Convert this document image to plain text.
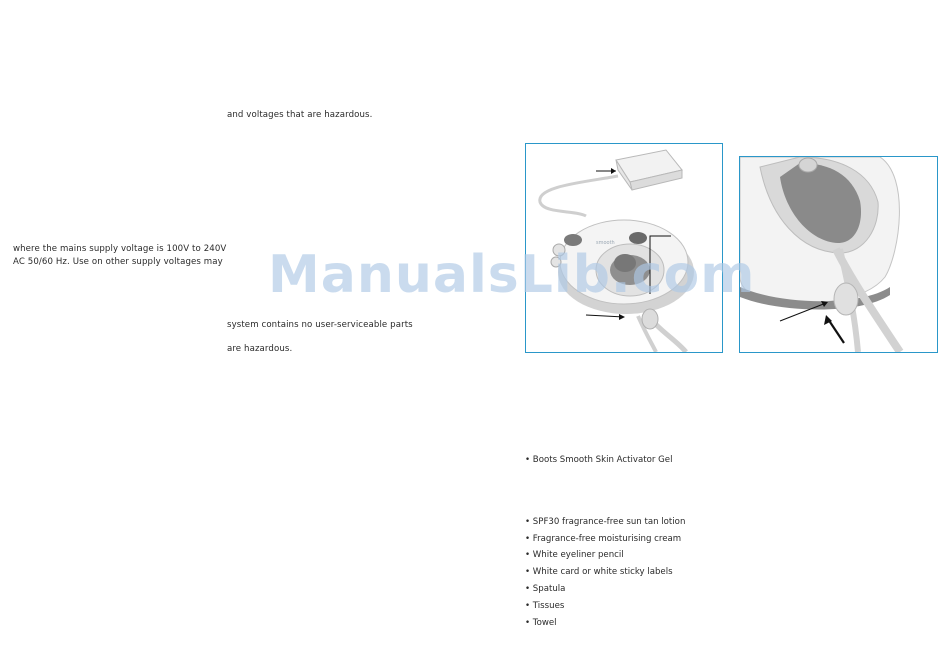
where the mains supply voltage is 100V to 240V
AC 50/60 Hz. Use on other supply voltages may
and voltages that are hazardous.
system contains no user-serviceable parts
are hazardous.
smooth
• Boots Smooth Skin Activator Gel
• SPF30 fragrance-free sun tan lotion
• Fragrance-free moisturising cream
• White eyeliner pencil
• White card or white sticky labels
• Spatula
• Tissues
• Towel
ManualsLib.com
